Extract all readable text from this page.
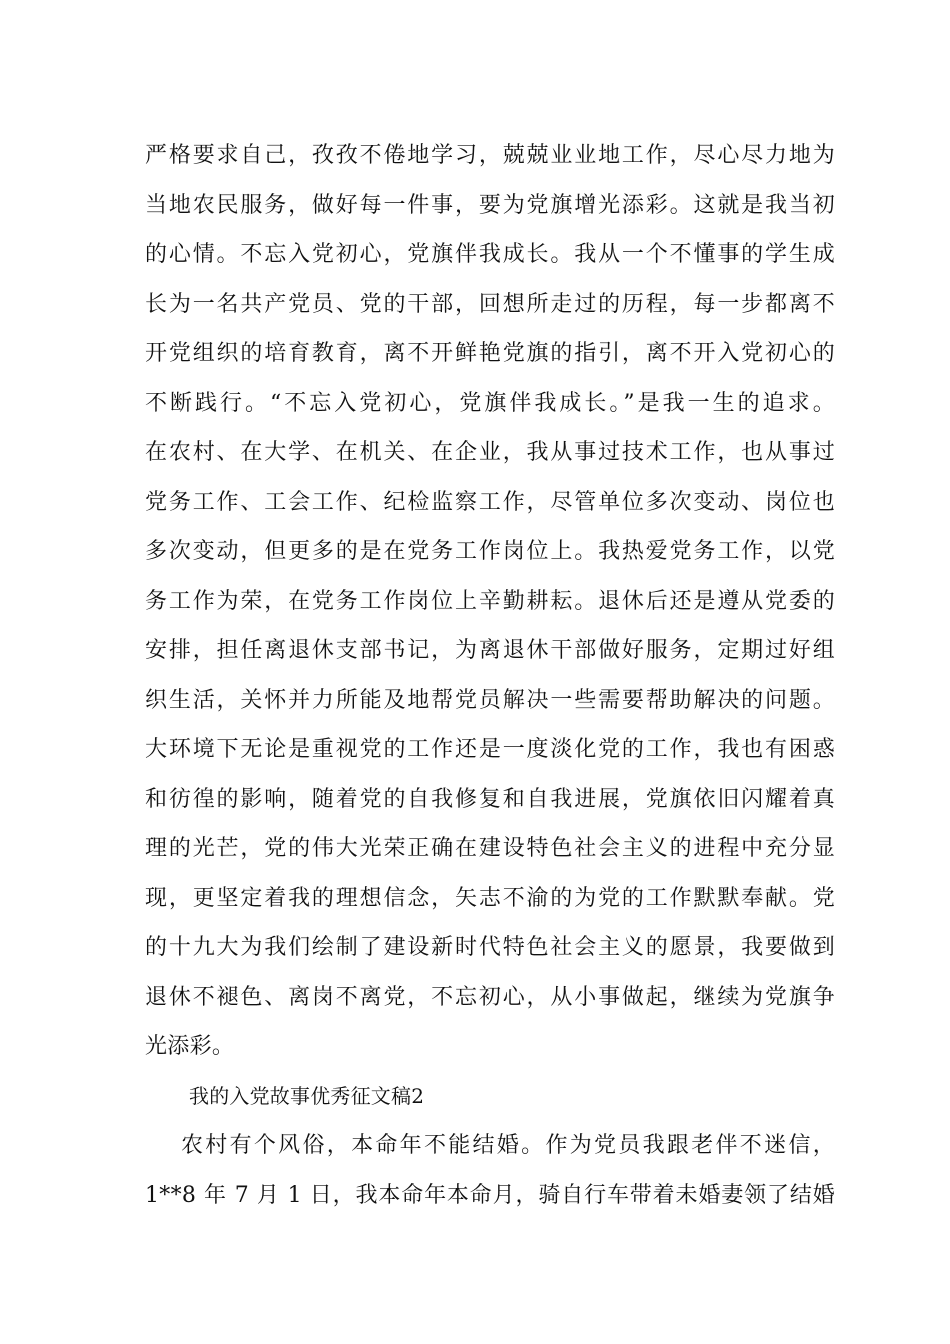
严格要求自己，孜孜不倦地学习，兢兢业业地工作，尽心尽力地为
当地农民服务，做好每一件事，要为党旗增光添彩。这就是我当初
的心情。不忘入党初心，党旗伴我成长。我从一个不懂事的学生成
长为一名共产党员、党的干部，回想所走过的历程，每一步都离不
开党组织的培育教育，离不开鲜艳党旗的指引，离不开入党初心的
不断践行。“不忘入党初心，党旗伴我成长。”是我一生的追求。
在农村、在大学、在机关、在企业，我从事过技术工作，也从事过
党务工作、工会工作、纪检监察工作，尽管单位多次变动、岗位也
多次变动，但更多的是在党务工作岗位上。我热爱党务工作，以党
务工作为荣，在党务工作岗位上辛勤耕耘。退休后还是遵从党委的
安排，担任离退休支部书记，为离退休干部做好服务，定期过好组
织生活，关怀并力所能及地帮党员解决一些需要帮助解决的问题。
大环境下无论是重视党的工作还是一度淡化党的工作，我也有困惑
和彷徨的影响，随着党的自我修复和自我进展，党旗依旧闪耀着真
理的光芒，党的伟大光荣正确在建设特色社会主义的进程中充分显
现，更坚定着我的理想信念，矢志不渝的为党的工作默默奉献。党
的十九大为我们绘制了建设新时代特色社会主义的愿景，我要做到
退休不褪色、离岗不离党，不忘初心，从小事做起，继续为党旗争
光添彩。
我的入党故事优秀征文稿2
农村有个风俗，本命年不能结婚。作为党员我跟老伴不迷信，
1**8 年 7 月 1 日，我本命年本命月，骑自行车带着未婚妻领了结婚
